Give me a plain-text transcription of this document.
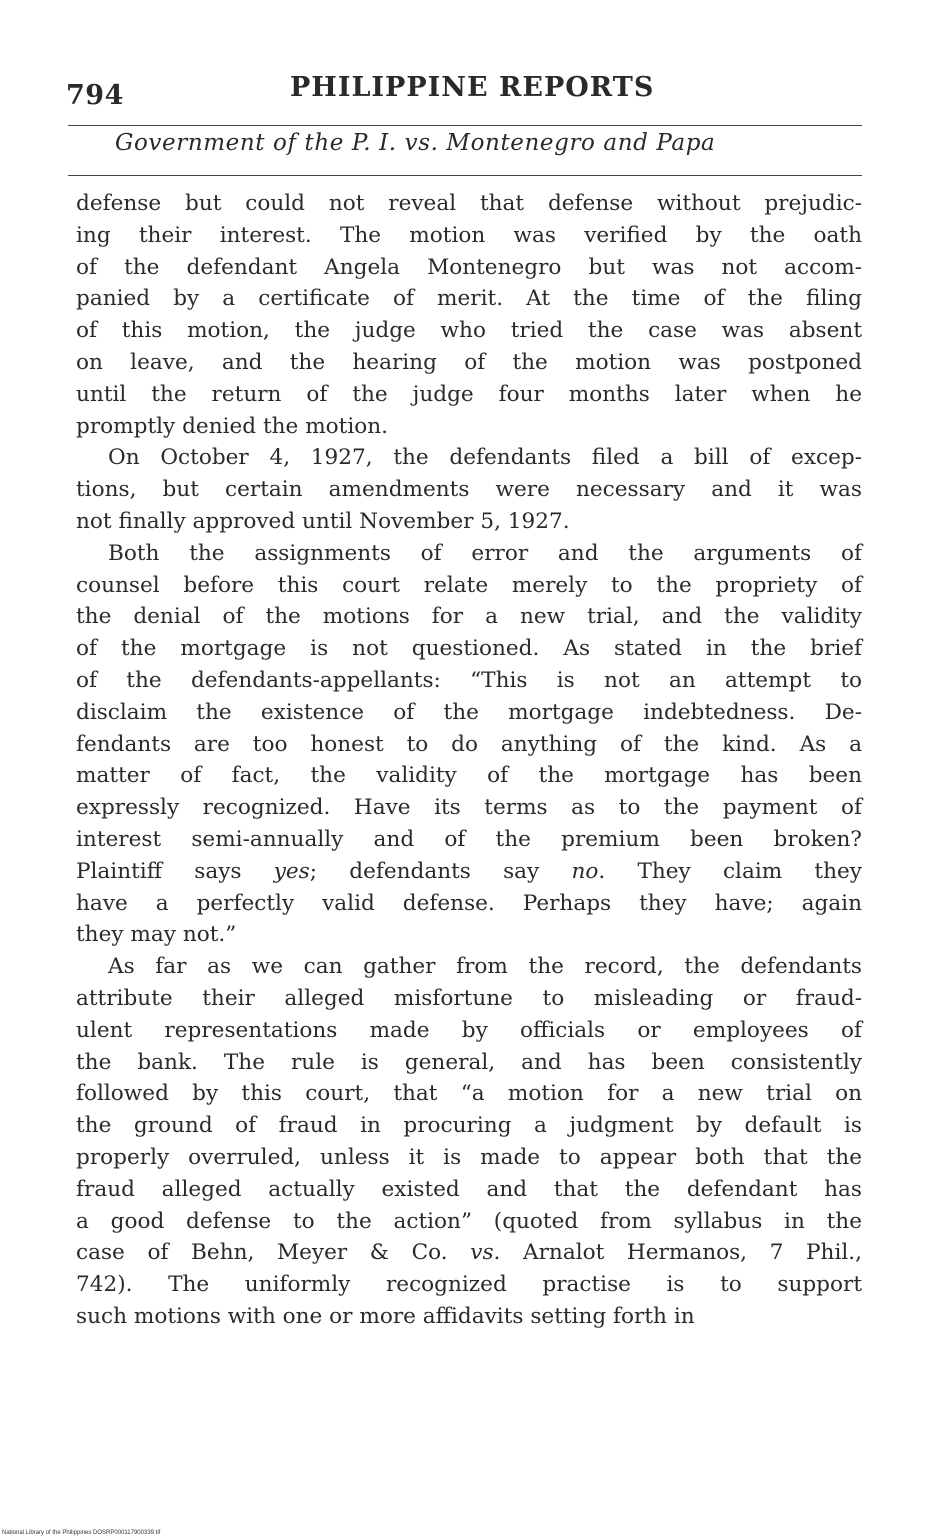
794	PHILIPPINE REPORTS
Government of the P. I. vs. Montenegro and Papa
defense but could not reveal that defense without prejudic-
ing their interest. The motion was verified by the oath
of the defendant Angela Montenegro but was not accom-
panied by a certificate of merit. At the time of the filing
of this motion, the judge who tried the case was absent
on leave, and the hearing of the motion was postponed
until the return of the judge four months later when he
promptly denied the motion.
On October 4, 1927, the defendants filed a bill of excep-
tions, but certain amendments were necessary and it was
not finally approved until November 5, 1927.
Both the assignments of error and the arguments of
counsel before this court relate merely to the propriety of
the denial of the motions for a new trial, and the validity
of the mortgage is not questioned. As stated in the brief
of the defendants-appellants: “This is not an attempt to
disclaim the existence of the mortgage indebtedness. De-
fendants are too honest to do anything of the kind. As a
matter of fact, the validity of the mortgage has been
expressly recognized. Have its terms as to the payment of
interest semi-annually and of the premium been broken?
Plaintiff says yes; defendants say no. They claim they
have a perfectly valid defense. Perhaps they have; again
they may not.”
As far as we can gather from the record, the defendants
attribute their alleged misfortune to misleading or fraud-
ulent representations made by officials or employees of
the bank. The rule is general, and has been consistently
followed by this court, that “a motion for a new trial on
the ground of fraud in procuring a judgment by default is
properly overruled, unless it is made to appear both that the
fraud alleged actually existed and that the defendant has
a good defense to the action” (quoted from syllabus in the
case of Behn, Meyer & Co. vs. Arnalot Hermanos, 7 Phil.,
742). The uniformly recognized practise is to support
such motions with one or more affidavits setting forth in
National Library of the Philippines DOSRP000117900339.tif
